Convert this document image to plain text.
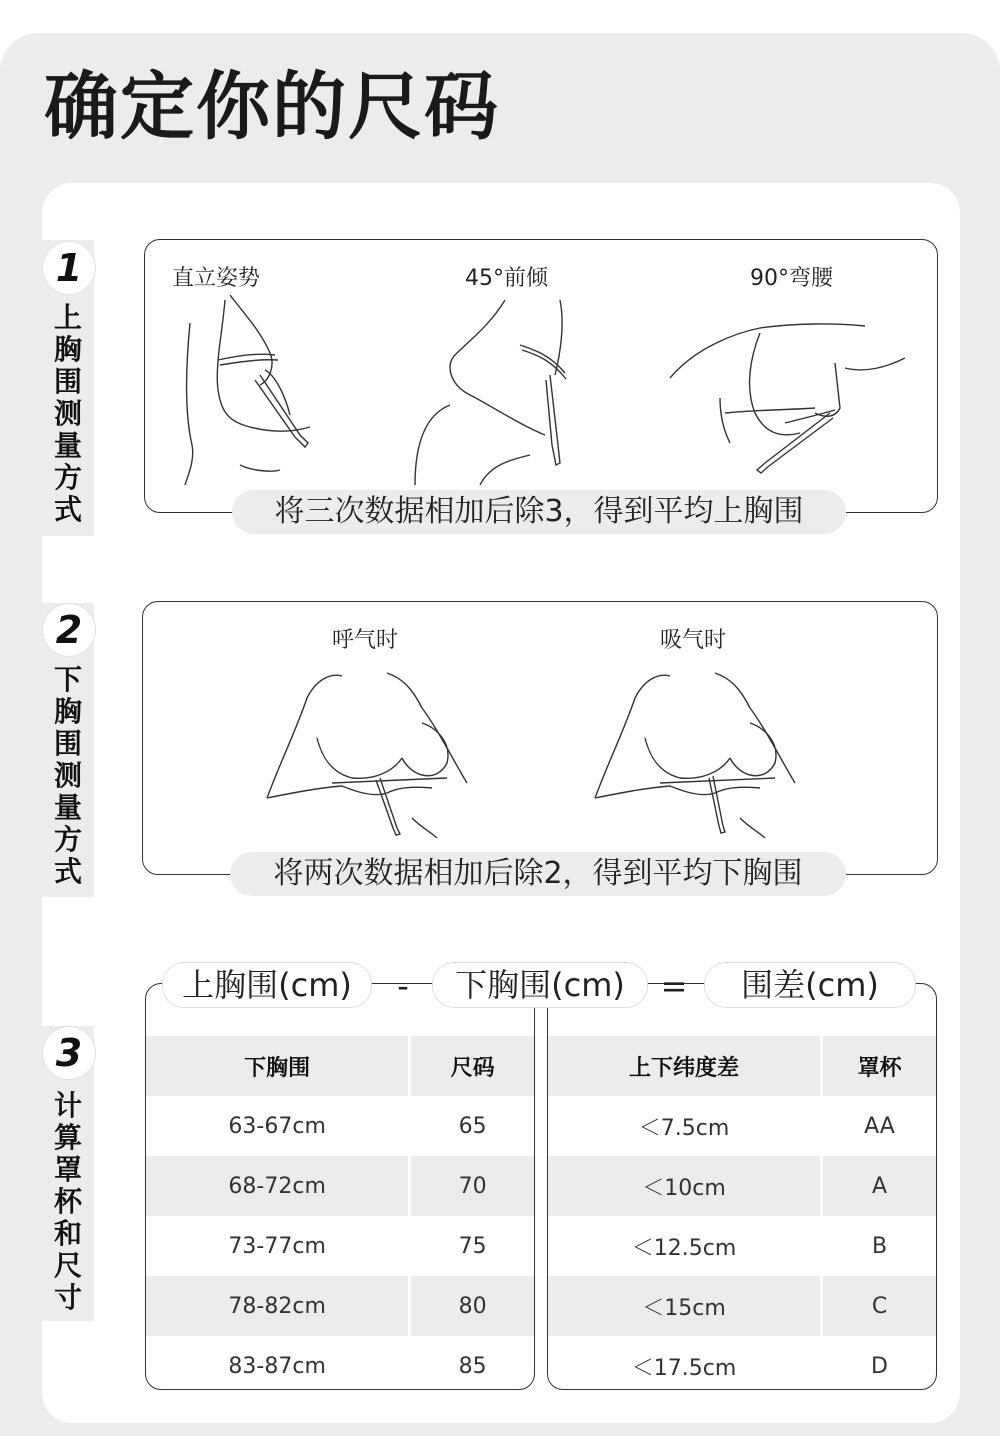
确定你的尺码
1
上
胸
围
测
量
方
式
直立姿势	45°前倾	90°弯腰
将三次数据相加后除3，得到平均上胸围
2
下
胸
围
测
量
方
式
呼气时	吸气时
将两次数据相加后除2，得到平均下胸围
3
计
算
罩
杯
和
尺
寸
下胸围	尺码
63-67cm	65
68-72cm	70
73-77cm	75
78-82cm	80
83-87cm	85
上下纬度差	罩杯
＜7.5cm	AA
＜10cm	A
＜12.5cm	B
＜15cm	C
＜17.5cm	D
上胸围(cm)	-	下胸围(cm)	=	围差(cm)
